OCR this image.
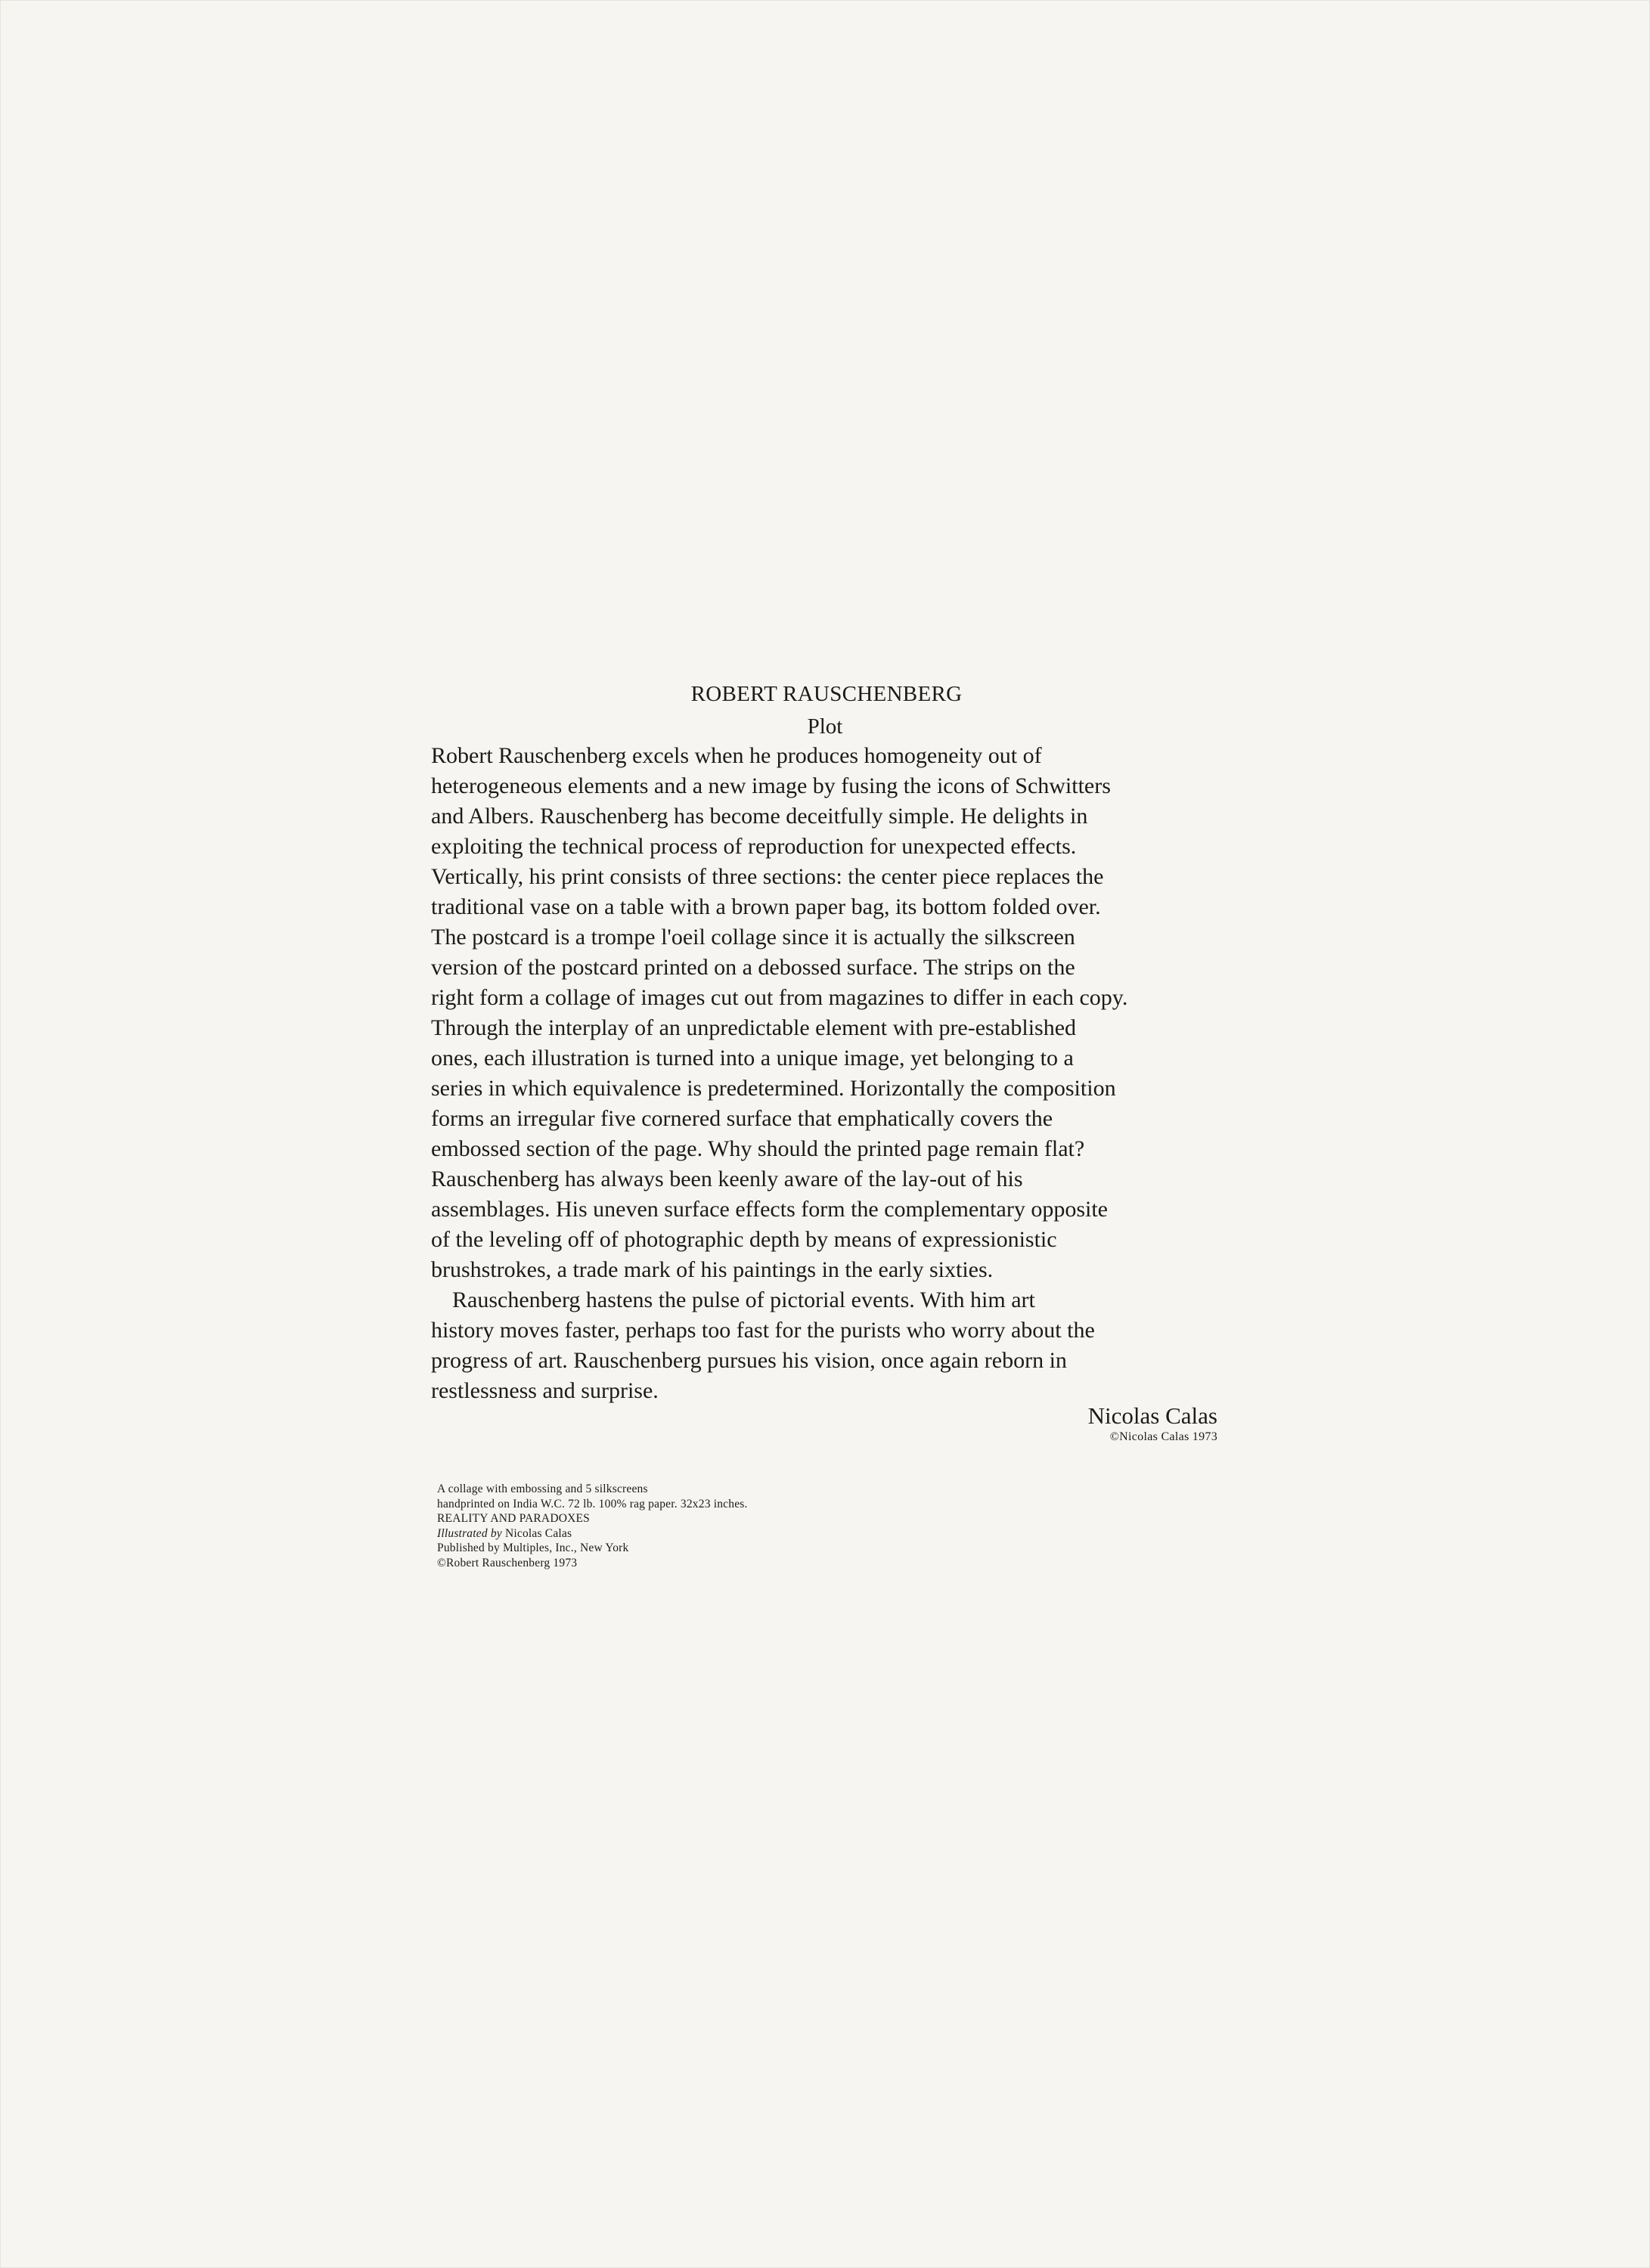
ROBERT RAUSCHENBERG
Plot
Robert Rauschenberg excels when he produces homogeneity out of
heterogeneous elements and a new image by fusing the icons of Schwitters
and Albers. Rauschenberg has become deceitfully simple. He delights in
exploiting the technical process of reproduction for unexpected effects.
Vertically, his print consists of three sections: the center piece replaces the
traditional vase on a table with a brown paper bag, its bottom folded over.
The postcard is a trompe l'oeil collage since it is actually the silkscreen
version of the postcard printed on a debossed surface. The strips on the
right form a collage of images cut out from magazines to differ in each copy.
Through the interplay of an unpredictable element with pre-established
ones, each illustration is turned into a unique image, yet belonging to a
series in which equivalence is predetermined. Horizontally the composition
forms an irregular five cornered surface that emphatically covers the
embossed section of the page. Why should the printed page remain flat?
Rauschenberg has always been keenly aware of the lay-out of his
assemblages. His uneven surface effects form the complementary opposite
of the leveling off of photographic depth by means of expressionistic
brushstrokes, a trade mark of his paintings in the early sixties.
Rauschenberg hastens the pulse of pictorial events. With him art
history moves faster, perhaps too fast for the purists who worry about the
progress of art. Rauschenberg pursues his vision, once again reborn in
restlessness and surprise.
Nicolas Calas
©Nicolas Calas 1973
A collage with embossing and 5 silkscreens
handprinted on India W.C. 72 lb. 100% rag paper. 32x23 inches.
REALITY AND PARADOXES
Illustrated by Nicolas Calas
Published by Multiples, Inc., New York
©Robert Rauschenberg 1973
